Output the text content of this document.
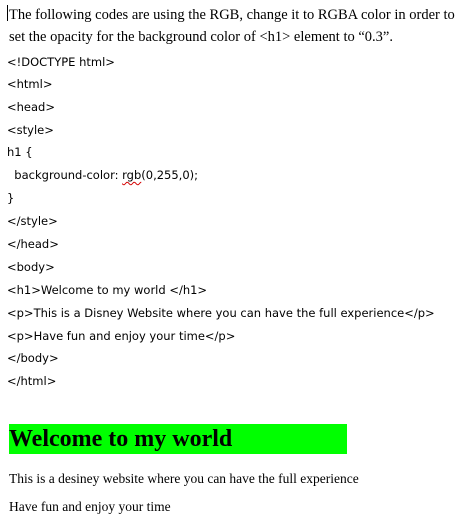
The following codes are using the RGB, change it to RGBA color in order to set the opacity for the background color of <h1> element to “0.3”.
<!DOCTYPE html>
<html>
<head>
<style>
h1 {
background-color: rgb(0,255,0);
}
</style>
</head>
<body>
<h1>Welcome to my world </h1>
<p>This is a Disney Website where you can have the full experience</p>
<p>Have fun and enjoy your time</p>
</body>
</html>
Welcome to my world
This is a desiney website where you can have the full experience
Have fun and enjoy your time
